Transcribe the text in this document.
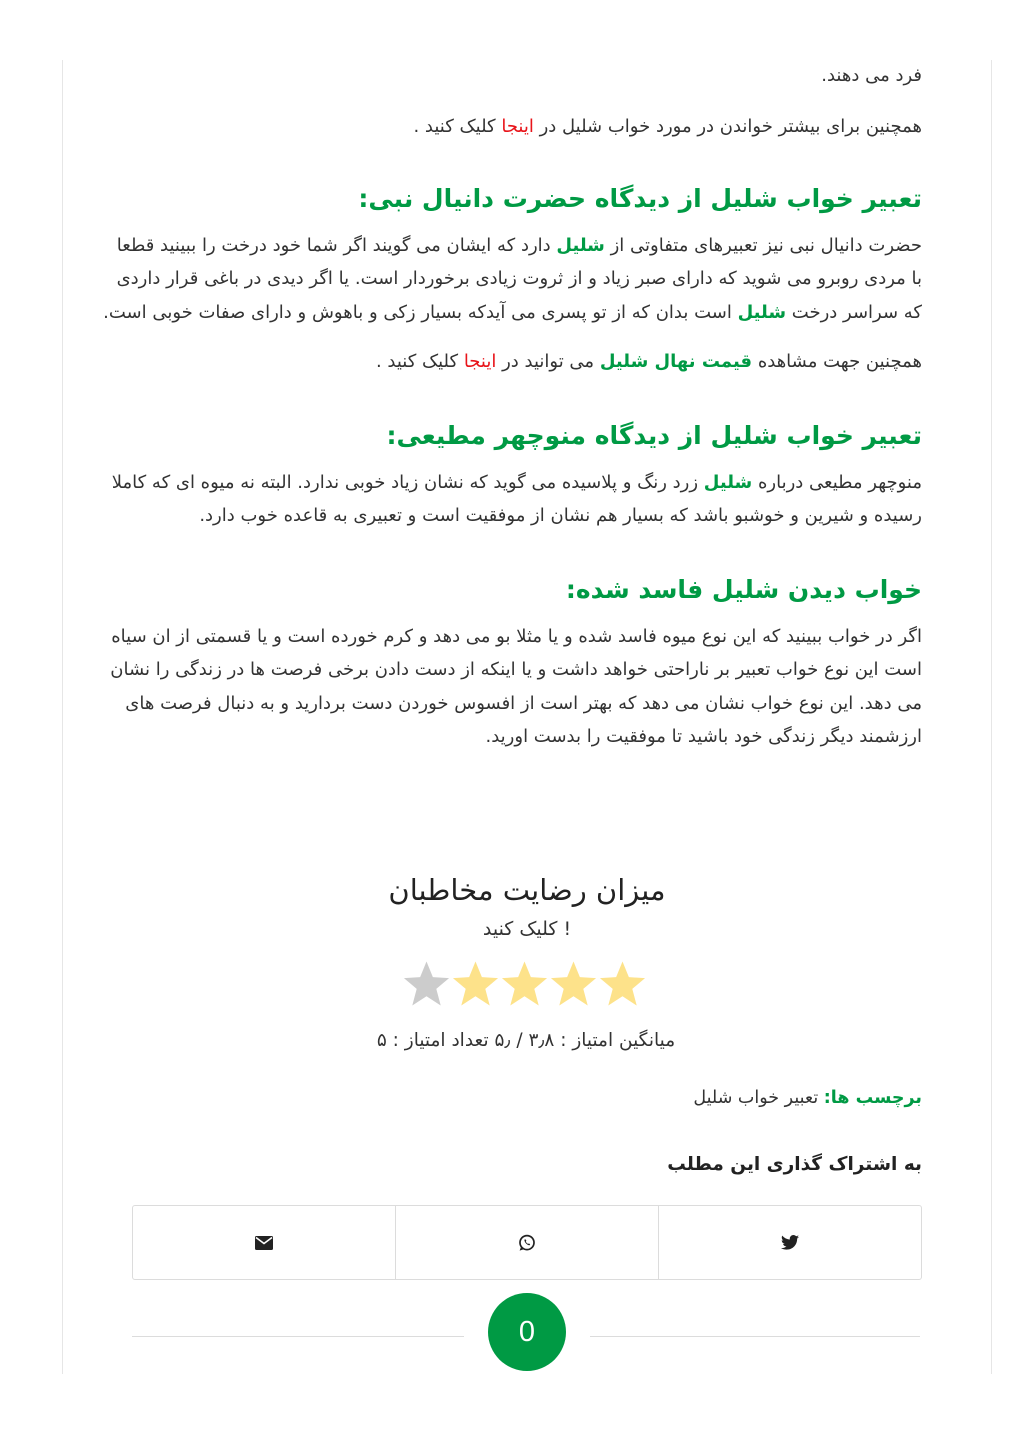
فرد می دهند.

همچنین برای بیشتر خواندن در مورد خواب شلیل در اینجا کلیک کنید .

تعبیر خواب شلیل از دیدگاه حضرت دانیال نبی:

حضرت دانیال نبی نیز تعبیرهای متفاوتی از شلیل دارد که ایشان می گویند اگر شما خود درخت را ببینید قطعا با مردی روبرو می شوید که دارای صبر زیاد و از ثروت زیادی برخوردار است. یا اگر دیدی در باغی قرار داردی که سراسر درخت شلیل است بدان که از تو پسری می آیدکه بسیار زکی و باهوش و دارای صفات خوبی است.

همچنین جهت مشاهده قیمت نهال شلیل می توانید در اینجا کلیک کنید .

تعبیر خواب شلیل از دیدگاه منوچهر مطیعی:

منوچهر مطیعی درباره شلیل زرد رنگ و پلاسیده می گوید که نشان زیاد خوبی ندارد. البته نه میوه ای که کاملا رسیده و شیرین و خوشبو باشد که بسیار هم نشان از موفقیت است و تعبیری به قاعده خوب دارد.

خواب دیدن شلیل فاسد شده:

اگر در خواب ببینید که این نوع میوه فاسد شده و یا مثلا بو می دهد و کرم خورده است و یا قسمتی از ان سیاه است این نوع خواب تعبیر بر ناراحتی خواهد داشت و یا اینکه از دست دادن برخی فرصت ها در زندگی را نشان می دهد. این نوع خواب نشان می دهد که بهتر است از افسوس خوردن دست بردارید و به دنبال فرصت های ارزشمند دیگر زندگی خود باشید تا موفقیت را بدست اورید.

میزان رضایت مخاطبان
کلیک کنید !
میانگین امتیاز : ۳٫۸ / ۵٫ تعداد امتیاز : ۵
برچسب ها: تعبیر خواب شلیل
به اشتراک گذاری این مطلب
0
